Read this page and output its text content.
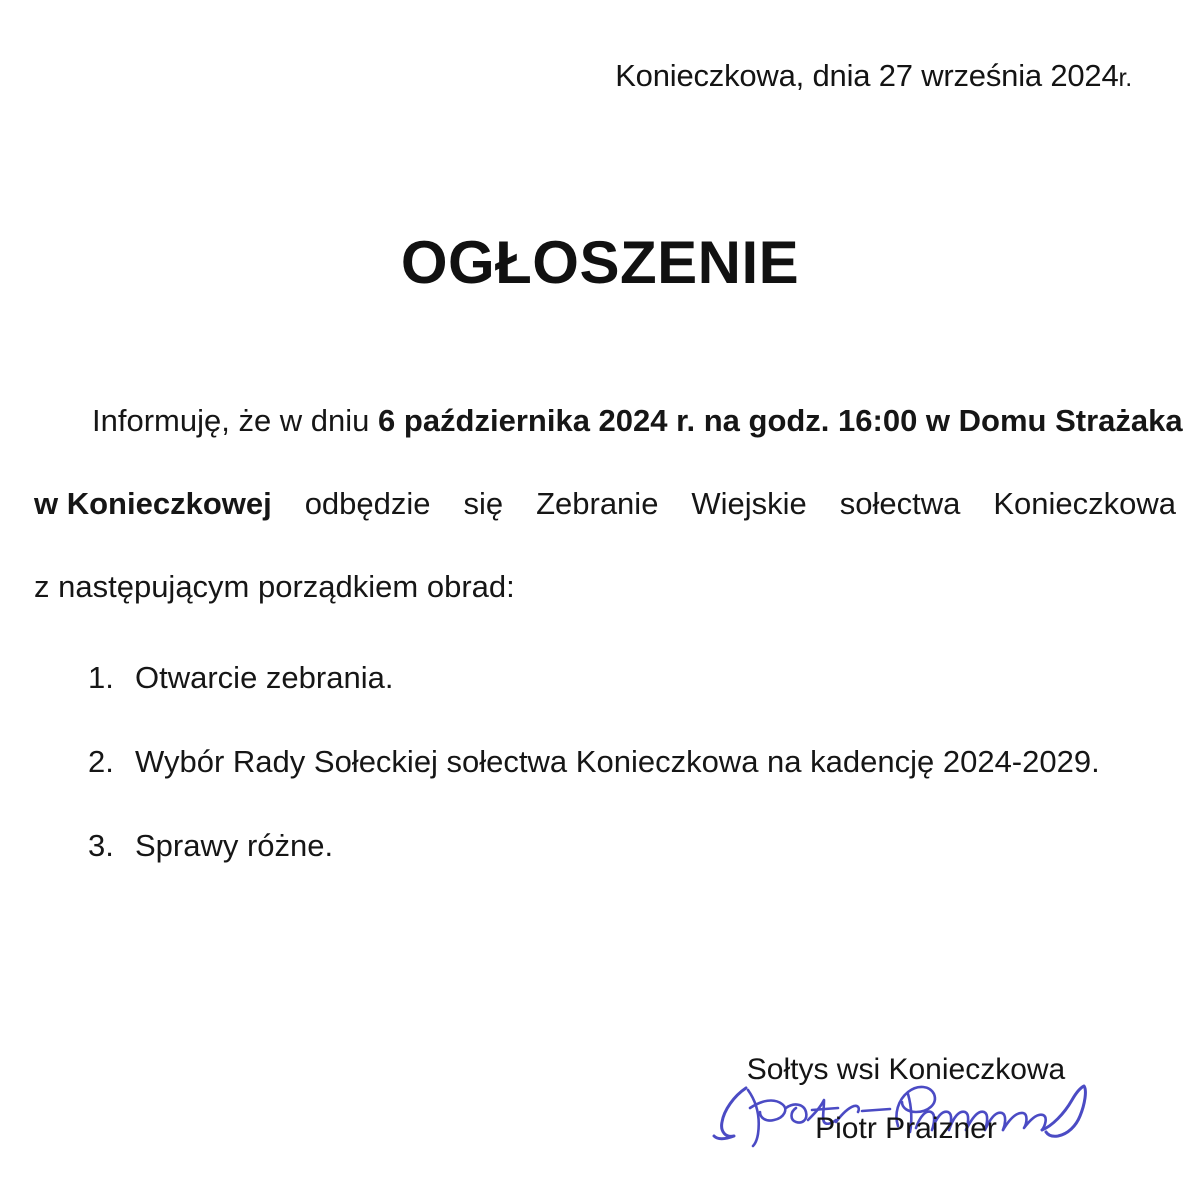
Konieczkowa, dnia 27 września 2024r.
OGŁOSZENIE
Informuję, że w dniu 6 października 2024 r. na godz. 16:00 w Domu Strażaka
w Konieczkowej odbędzie się Zebranie Wiejskie sołectwa Konieczkowa
z następującym porządkiem obrad:
1. Otwarcie zebrania.
2. Wybór Rady Sołeckiej sołectwa Konieczkowa na kadencję 2024-2029.
3. Sprawy różne.
Sołtys wsi Konieczkowa
Piotr Praizner
